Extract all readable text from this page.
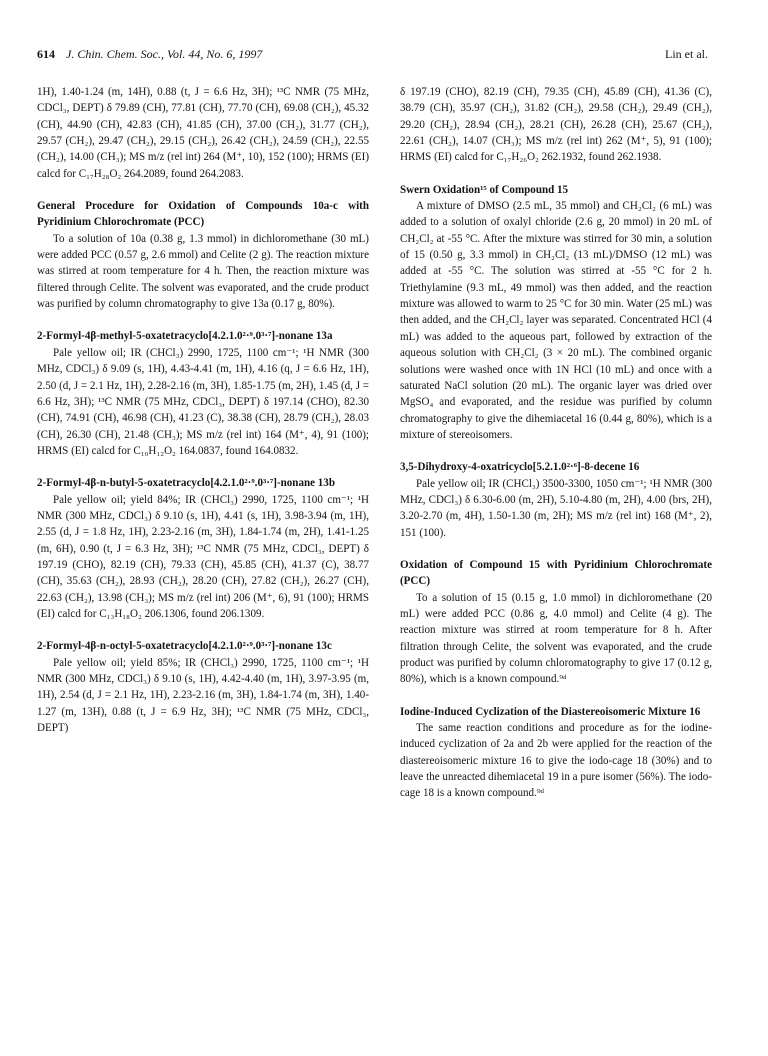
614 J. Chin. Chem. Soc., Vol. 44, No. 6, 1997	Lin et al.

1H), 1.40-1.24 (m, 14H), 0.88 (t, J = 6.6 Hz, 3H); ¹³C NMR (75 MHz, CDCl₃, DEPT) δ 79.89 (CH), 77.81 (CH), 77.70 (CH), 69.08 (CH₂), 45.32 (CH), 44.90 (CH), 42.83 (CH), 41.85 (CH), 37.00 (CH₂), 31.77 (CH₂), 29.57 (CH₂), 29.47 (CH₂), 29.15 (CH₂), 26.42 (CH₂), 24.59 (CH₂), 22.55 (CH₂), 14.00 (CH₃); MS m/z (rel int) 264 (M⁺, 10), 152 (100); HRMS (EI) calcd for C₁₇H₂₈O₂ 264.2089, found 264.2083.

General Procedure for Oxidation of Compounds 10a-c with Pyridinium Chlorochromate (PCC)

To a solution of 10a (0.38 g, 1.3 mmol) in dichloromethane (30 mL) were added PCC (0.57 g, 2.6 mmol) and Celite (2 g). The reaction mixture was stirred at room temperature for 4 h. Then, the reaction mixture was filtered through Celite. The solvent was evaporated, and the crude product was purified by column chromatography to give 13a (0.17 g, 80%).

2-Formyl-4β-methyl-5-oxatetracyclo[4.2.1.0²·⁹.0³·⁷]-nonane 13a

Pale yellow oil; IR (CHCl₃) 2990, 1725, 1100 cm⁻¹; ¹H NMR (300 MHz, CDCl₃) δ 9.09 (s, 1H), 4.43-4.41 (m, 1H), 4.16 (q, J = 6.6 Hz, 1H), 2.50 (d, J = 2.1 Hz, 1H), 2.28-2.16 (m, 3H), 1.85-1.75 (m, 2H), 1.45 (d, J = 6.6 Hz, 3H); ¹³C NMR (75 MHz, CDCl₃, DEPT) δ 197.14 (CHO), 82.30 (CH), 74.91 (CH), 46.98 (CH), 41.23 (C), 38.38 (CH), 28.79 (CH₂), 28.03 (CH), 26.30 (CH), 21.48 (CH₃); MS m/z (rel int) 164 (M⁺, 4), 91 (100); HRMS (EI) calcd for C₁₀H₁₂O₂ 164.0837, found 164.0832.

2-Formyl-4β-n-butyl-5-oxatetracyclo[4.2.1.0²·⁹.0³·⁷]-nonane 13b

Pale yellow oil; yield 84%; IR (CHCl₃) 2990, 1725, 1100 cm⁻¹; ¹H NMR (300 MHz, CDCl₃) δ 9.10 (s, 1H), 4.41 (s, 1H), 3.98-3.94 (m, 1H), 2.55 (d, J = 1.8 Hz, 1H), 2.23-2.16 (m, 3H), 1.84-1.74 (m, 2H), 1.41-1.25 (m, 6H), 0.90 (t, J = 6.3 Hz, 3H); ¹³C NMR (75 MHz, CDCl₃, DEPT) δ 197.19 (CHO), 82.19 (CH), 79.33 (CH), 45.85 (CH), 41.37 (C), 38.77 (CH), 35.63 (CH₂), 28.93 (CH₂), 28.20 (CH), 27.82 (CH₂), 26.27 (CH), 22.63 (CH₂), 13.98 (CH₃); MS m/z (rel int) 206 (M⁺, 6), 91 (100); HRMS (EI) calcd for C₁₃H₁₈O₂ 206.1306, found 206.1309.

2-Formyl-4β-n-octyl-5-oxatetracyclo[4.2.1.0²·⁹.0³·⁷]-nonane 13c

Pale yellow oil; yield 85%; IR (CHCl₃) 2990, 1725, 1100 cm⁻¹; ¹H NMR (300 MHz, CDCl₃) δ 9.10 (s, 1H), 4.42-4.40 (m, 1H), 3.97-3.95 (m, 1H), 2.54 (d, J = 2.1 Hz, 1H), 2.23-2.16 (m, 3H), 1.84-1.74 (m, 3H), 1.40-1.27 (m, 13H), 0.88 (t, J = 6.9 Hz, 3H); ¹³C NMR (75 MHz, CDCl₃, DEPT)

δ 197.19 (CHO), 82.19 (CH), 79.35 (CH), 45.89 (CH), 41.36 (C), 38.79 (CH), 35.97 (CH₂), 31.82 (CH₂), 29.58 (CH₂), 29.49 (CH₂), 29.20 (CH₂), 28.94 (CH₂), 28.21 (CH), 26.28 (CH), 25.67 (CH₂), 22.61 (CH₂), 14.07 (CH₃); MS m/z (rel int) 262 (M⁺, 5), 91 (100); HRMS (EI) calcd for C₁₇H₂₆O₂ 262.1932, found 262.1938.

Swern Oxidation¹⁵ of Compound 15

A mixture of DMSO (2.5 mL, 35 mmol) and CH₂Cl₂ (6 mL) was added to a solution of oxalyl chloride (2.6 g, 20 mmol) in 20 mL of CH₂Cl₂ at -55 °C. After the mixture was stirred for 30 min, a solution of 15 (0.50 g, 3.3 mmol) in CH₂Cl₂ (13 mL)/DMSO (12 mL) was added at -55 °C. The solution was stirred at -55 °C for 2 h. Triethylamine (9.3 mL, 49 mmol) was then added, and the reaction mixture was allowed to warm to 25 °C for 30 min. Water (25 mL) was then added, and the CH₂Cl₂ layer was separated. Concentrated HCl (4 mL) was added to the aqueous part, followed by extraction of the aqueous solution with CH₂Cl₂ (3 × 20 mL). The combined organic solutions were washed once with 1N HCl (10 mL) and once with a saturated NaCl solution (20 mL). The organic layer was dried over MgSO₄ and evaporated, and the residue was purified by column chromatography to give the dihemiacetal 16 (0.44 g, 80%), which is a mixture of stereoisomers.

3,5-Dihydroxy-4-oxatricyclo[5.2.1.0²·⁶]-8-decene 16

Pale yellow oil; IR (CHCl₃) 3500-3300, 1050 cm⁻¹; ¹H NMR (300 MHz, CDCl₃) δ 6.30-6.00 (m, 2H), 5.10-4.80 (m, 2H), 4.00 (brs, 2H), 3.20-2.70 (m, 4H), 1.50-1.30 (m, 2H); MS m/z (rel int) 168 (M⁺, 2), 151 (100).

Oxidation of Compound 15 with Pyridinium Chlorochromate (PCC)

To a solution of 15 (0.15 g, 1.0 mmol) in dichloromethane (20 mL) were added PCC (0.86 g, 4.0 mmol) and Celite (4 g). The reaction mixture was stirred at room temperature for 8 h. After filtration through Celite, the solvent was evaporated, and the crude product was purified by column chloromatography to give 17 (0.12 g, 80%), which is a known compound.⁹ᵈ

Iodine-Induced Cyclization of the Diastereoisomeric Mixture 16

The same reaction conditions and procedure as for the iodine-induced cyclization of 2a and 2b were applied for the reaction of the diastereoisomeric mixture 16 to give the iodo-cage 18 (30%) and to leave the unreacted dihemiacetal 19 in a pure isomer (56%). The iodo-cage 18 is a known compound.⁹ᵈ
